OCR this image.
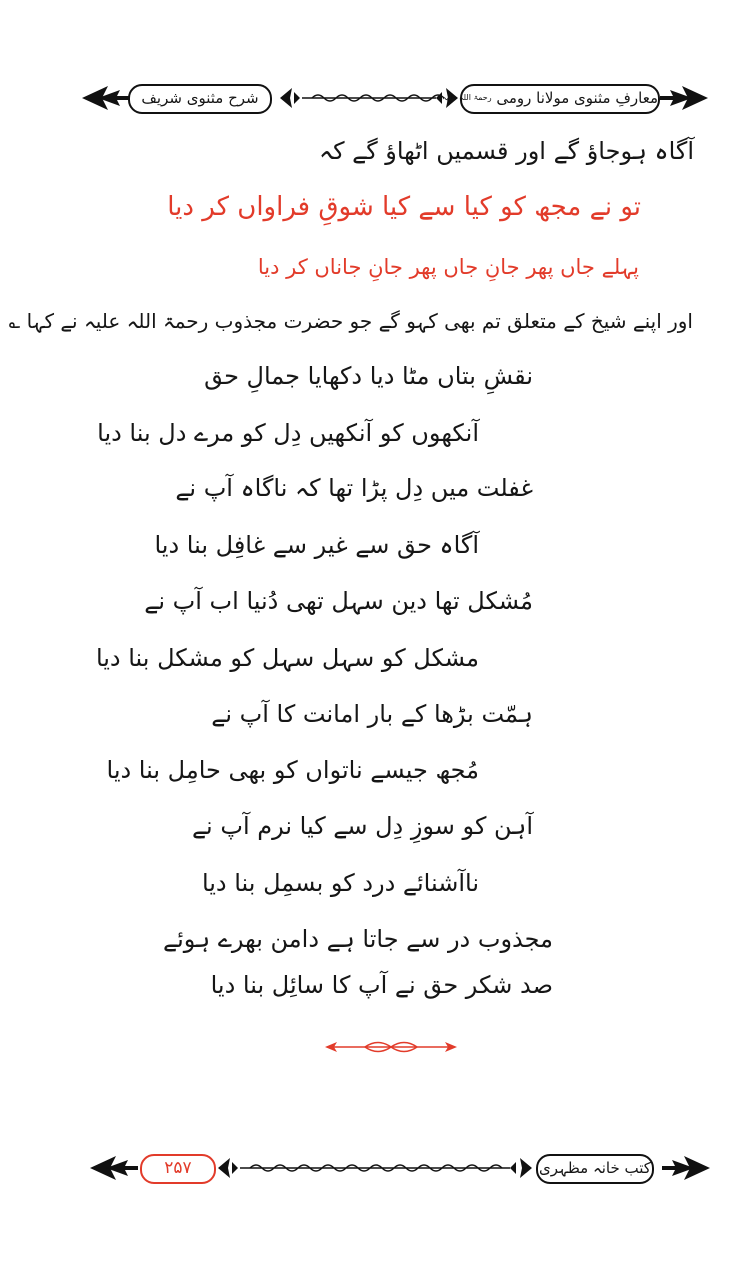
شرح مثنوی شریف	معارفِ مثنوی مولانا رومی $^{رحمۃ اللہ علیہ}$
آگاہ ہوجاؤ گے اور قسمیں اٹھاؤ گے کہ
تو نے مجھ کو کیا سے کیا شوقِ فراواں کر دیا
پہلے جاں پھر جانِ جاں پھر جانِ جاناں کر دیا
اور اپنے شیخ کے متعلق تم بھی کہو گے جو حضرت مجذوب رحمۃ اللہ علیہ نے کہا ؎
نقشِ بتاں مٹا دیا دکھایا جمالِ حق
آنکھوں کو آنکھیں دِل کو مرے دل بنا دیا
غفلت میں دِل پڑا تھا کہ ناگاہ آپ نے
آگاہ حق سے غیر سے غافِل بنا دیا
مُشکل تھا دین سہل تھی دُنیا اب آپ نے
مشکل کو سہل سہل کو مشکل بنا دیا
ہمّت بڑھا کے بار امانت کا آپ نے
مُجھ جیسے ناتواں کو بھی حامِل بنا دیا
آہن کو سوزِ دِل سے کیا نرم آپ نے
ناآشنائے درد کو بسمِل بنا دیا
مجذوب در سے جاتا ہے دامن بھرے ہوئے
صد شکر حق نے آپ کا سائِل بنا دیا
۲۵۷	کتب خانہ مظہری
